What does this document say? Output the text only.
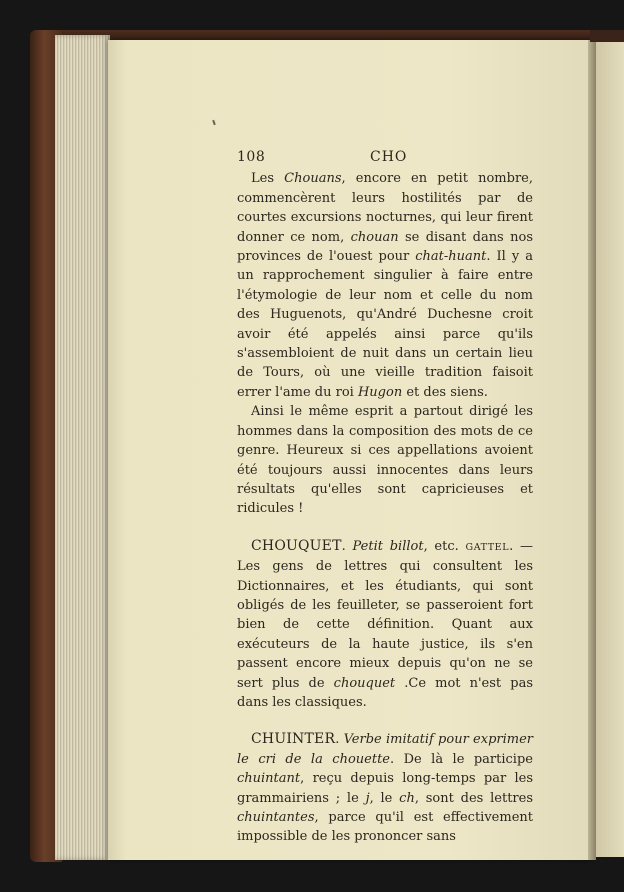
108	CHO

Les Chouans, encore en petit nombre, commencèrent leurs hostilités par de courtes excursions nocturnes, qui leur firent donner ce nom, chouan se disant dans nos provinces de l'ouest pour chat-huant. Il y a un rapprochement singulier à faire entre l'étymologie de leur nom et celle du nom des Huguenots, qu'André Duchesne croit avoir été appelés ainsi parce qu'ils s'assembloient de nuit dans un certain lieu de Tours, où une vieille tradition faisoit errer l'ame du roi Hugon et des siens.

Ainsi le même esprit a partout dirigé les hommes dans la composition des mots de ce genre. Heureux si ces appellations avoient été toujours aussi innocentes dans leurs résultats qu'elles sont capricieuses et ridicules !

CHOUQUET. Petit billot, etc. GATTEL. — Les gens de lettres qui consultent les Dictionnaires, et les étudiants, qui sont obligés de les feuilleter, se passeroient fort bien de cette définition. Quant aux exécuteurs de la haute justice, ils s'en passent encore mieux depuis qu'on ne se sert plus de chouquet .Ce mot n'est pas dans les classiques.

CHUINTER. Verbe imitatif pour exprimer le cri de la chouette. De là le participe chuintant, reçu depuis long-temps par les grammairiens ; le j, le ch, sont des lettres chuintantes, parce qu'il est effectivement impossible de les prononcer sans
